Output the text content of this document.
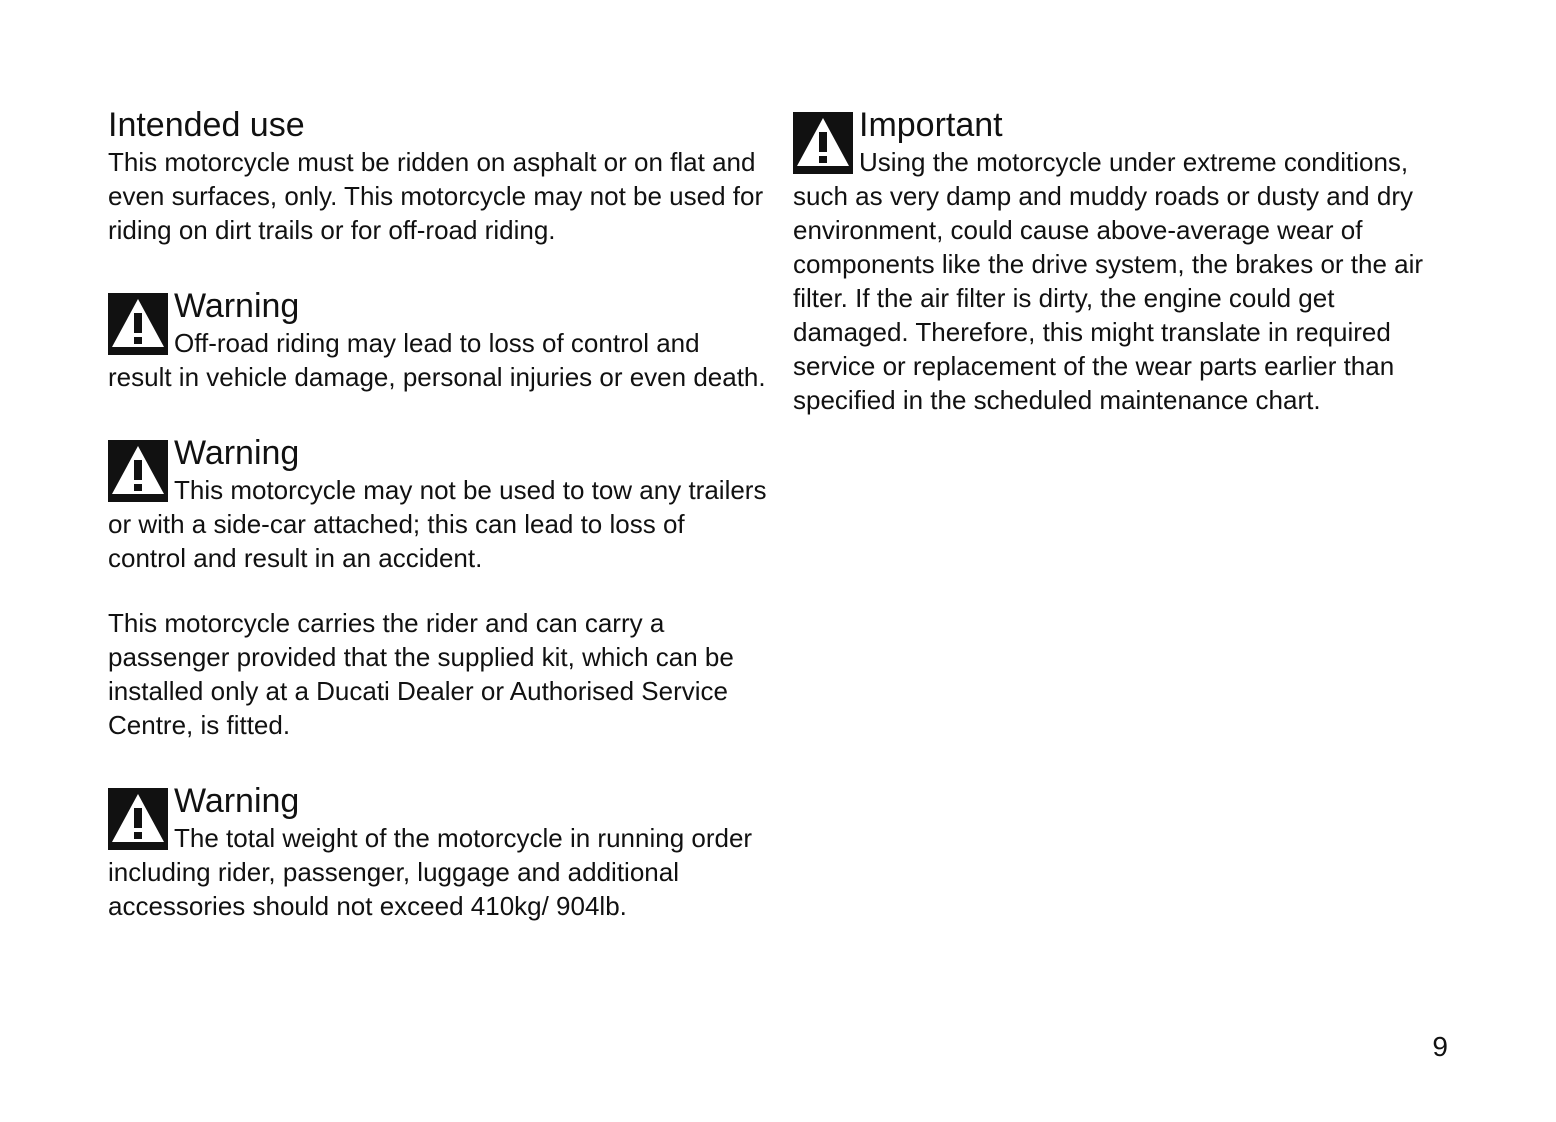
Intended use

This motorcycle must be ridden on asphalt or on flat and even surfaces, only. This motorcycle may not be used for riding on dirt trails or for off-road riding.

Warning

Off-road riding may lead to loss of control and result in vehicle damage, personal injuries or even death.

Warning

This motorcycle may not be used to tow any trailers or with a side-car attached; this can lead to loss of control and result in an accident.

This motorcycle carries the rider and can carry a passenger provided that the supplied kit, which can be installed only at a Ducati Dealer or Authorised Service Centre, is fitted.

Warning

The total weight of the motorcycle in running order including rider, passenger, luggage and additional accessories should not exceed 410kg/ 904lb.

Important

Using the motorcycle under extreme conditions, such as very damp and muddy roads or dusty and dry environment, could cause above-average wear of components like the drive system, the brakes or the air filter. If the air filter is dirty, the engine could get damaged. Therefore, this might translate in required service or replacement of the wear parts earlier than specified in the scheduled maintenance chart.

9
